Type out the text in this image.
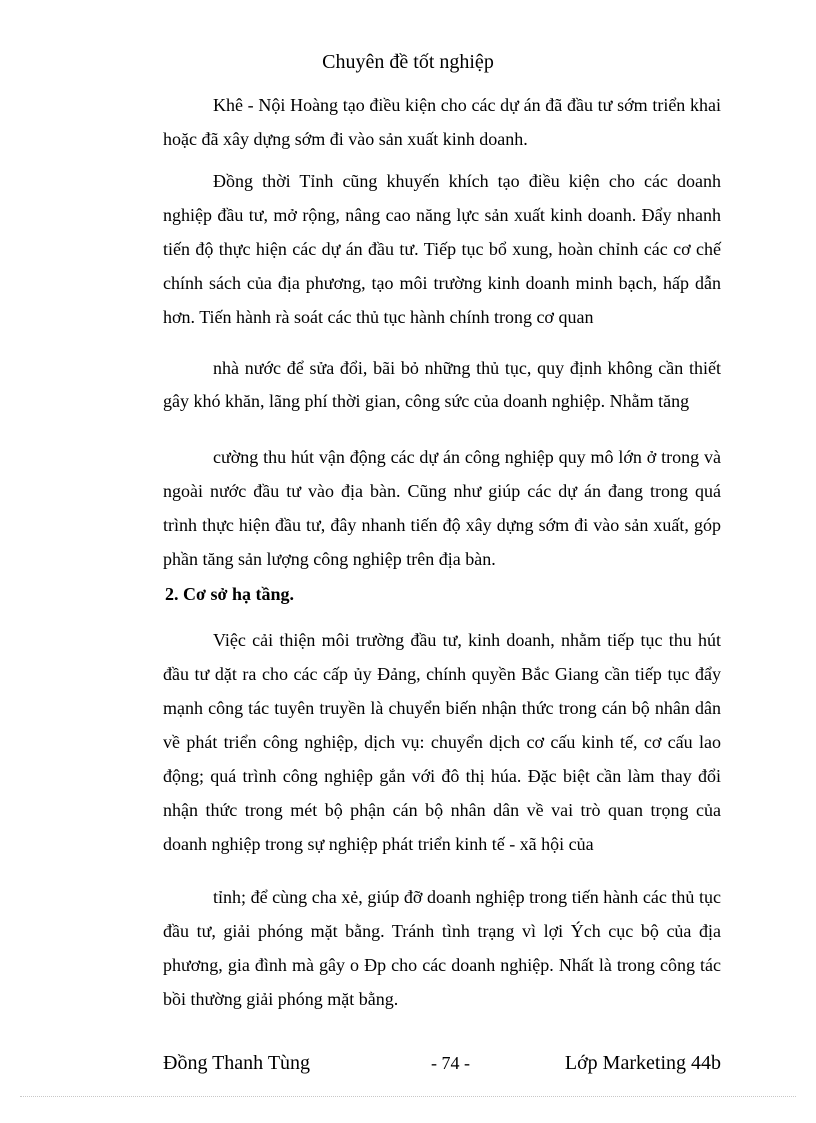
Chuyên đề tốt nghiệp

Khê - Nội Hoàng tạo điều kiện cho các dự án đã đầu tư sớm triển khai hoặc đã xây dựng sớm đi vào sản xuất kinh doanh.

Đồng thời Tỉnh cũng khuyến khích tạo điều kiện cho các doanh nghiệp đầu tư, mở rộng, nâng cao năng lực sản xuất kinh doanh. Đẩy nhanh tiến độ thực hiện các dự án đầu tư. Tiếp tục bổ xung, hoàn chỉnh các cơ chế chính sách của địa phương, tạo môi trường kinh doanh minh bạch, hấp dẫn hơn. Tiến hành rà soát các thủ tục hành chính trong cơ quan

nhà nước để sửa đổi, bãi bỏ những thủ tục, quy định không cần thiết gây khó khăn, lãng phí thời gian, công sức của doanh nghiệp. Nhằm tăng

cường thu hút vận động các dự án công nghiệp quy mô lớn ở trong và ngoài nước đầu tư vào địa bàn. Cũng như giúp các dự án đang trong quá trình thực hiện đầu tư, đây nhanh tiến độ xây dựng sớm đi vào sản xuất, góp phần tăng sản lượng công nghiệp trên địa bàn.

2. Cơ sở hạ tầng.

Việc cải thiện môi trường đầu tư, kinh doanh, nhằm tiếp tục thu hút đầu tư dặt ra cho các cấp ủy Đảng, chính quyền Bắc Giang cần tiếp tục đẩy mạnh công tác tuyên truyền là chuyển biến nhận thức trong cán bộ nhân dân về phát triển công nghiệp, dịch vụ: chuyển dịch cơ cấu kinh tế, cơ cấu lao động; quá trình công nghiệp gắn với đô thị húa. Đặc biệt cần làm thay đổi nhận thức trong mét bộ phận cán bộ nhân dân về vai trò quan trọng của doanh nghiệp trong sự nghiệp phát triển kinh tế - xã hội của

tỉnh; để cùng cha xẻ, giúp đỡ doanh nghiệp trong tiến hành các thủ tục đầu tư, giải phóng mặt bằng. Tránh tình trạng vì lợi Ých cục bộ của địa phương, gia đình mà gây o Ðp cho các doanh nghiệp. Nhất là trong công tác bồi thường giải phóng mặt bằng.

Đồng Thanh Tùng	- 74 -	Lớp Marketing 44b
